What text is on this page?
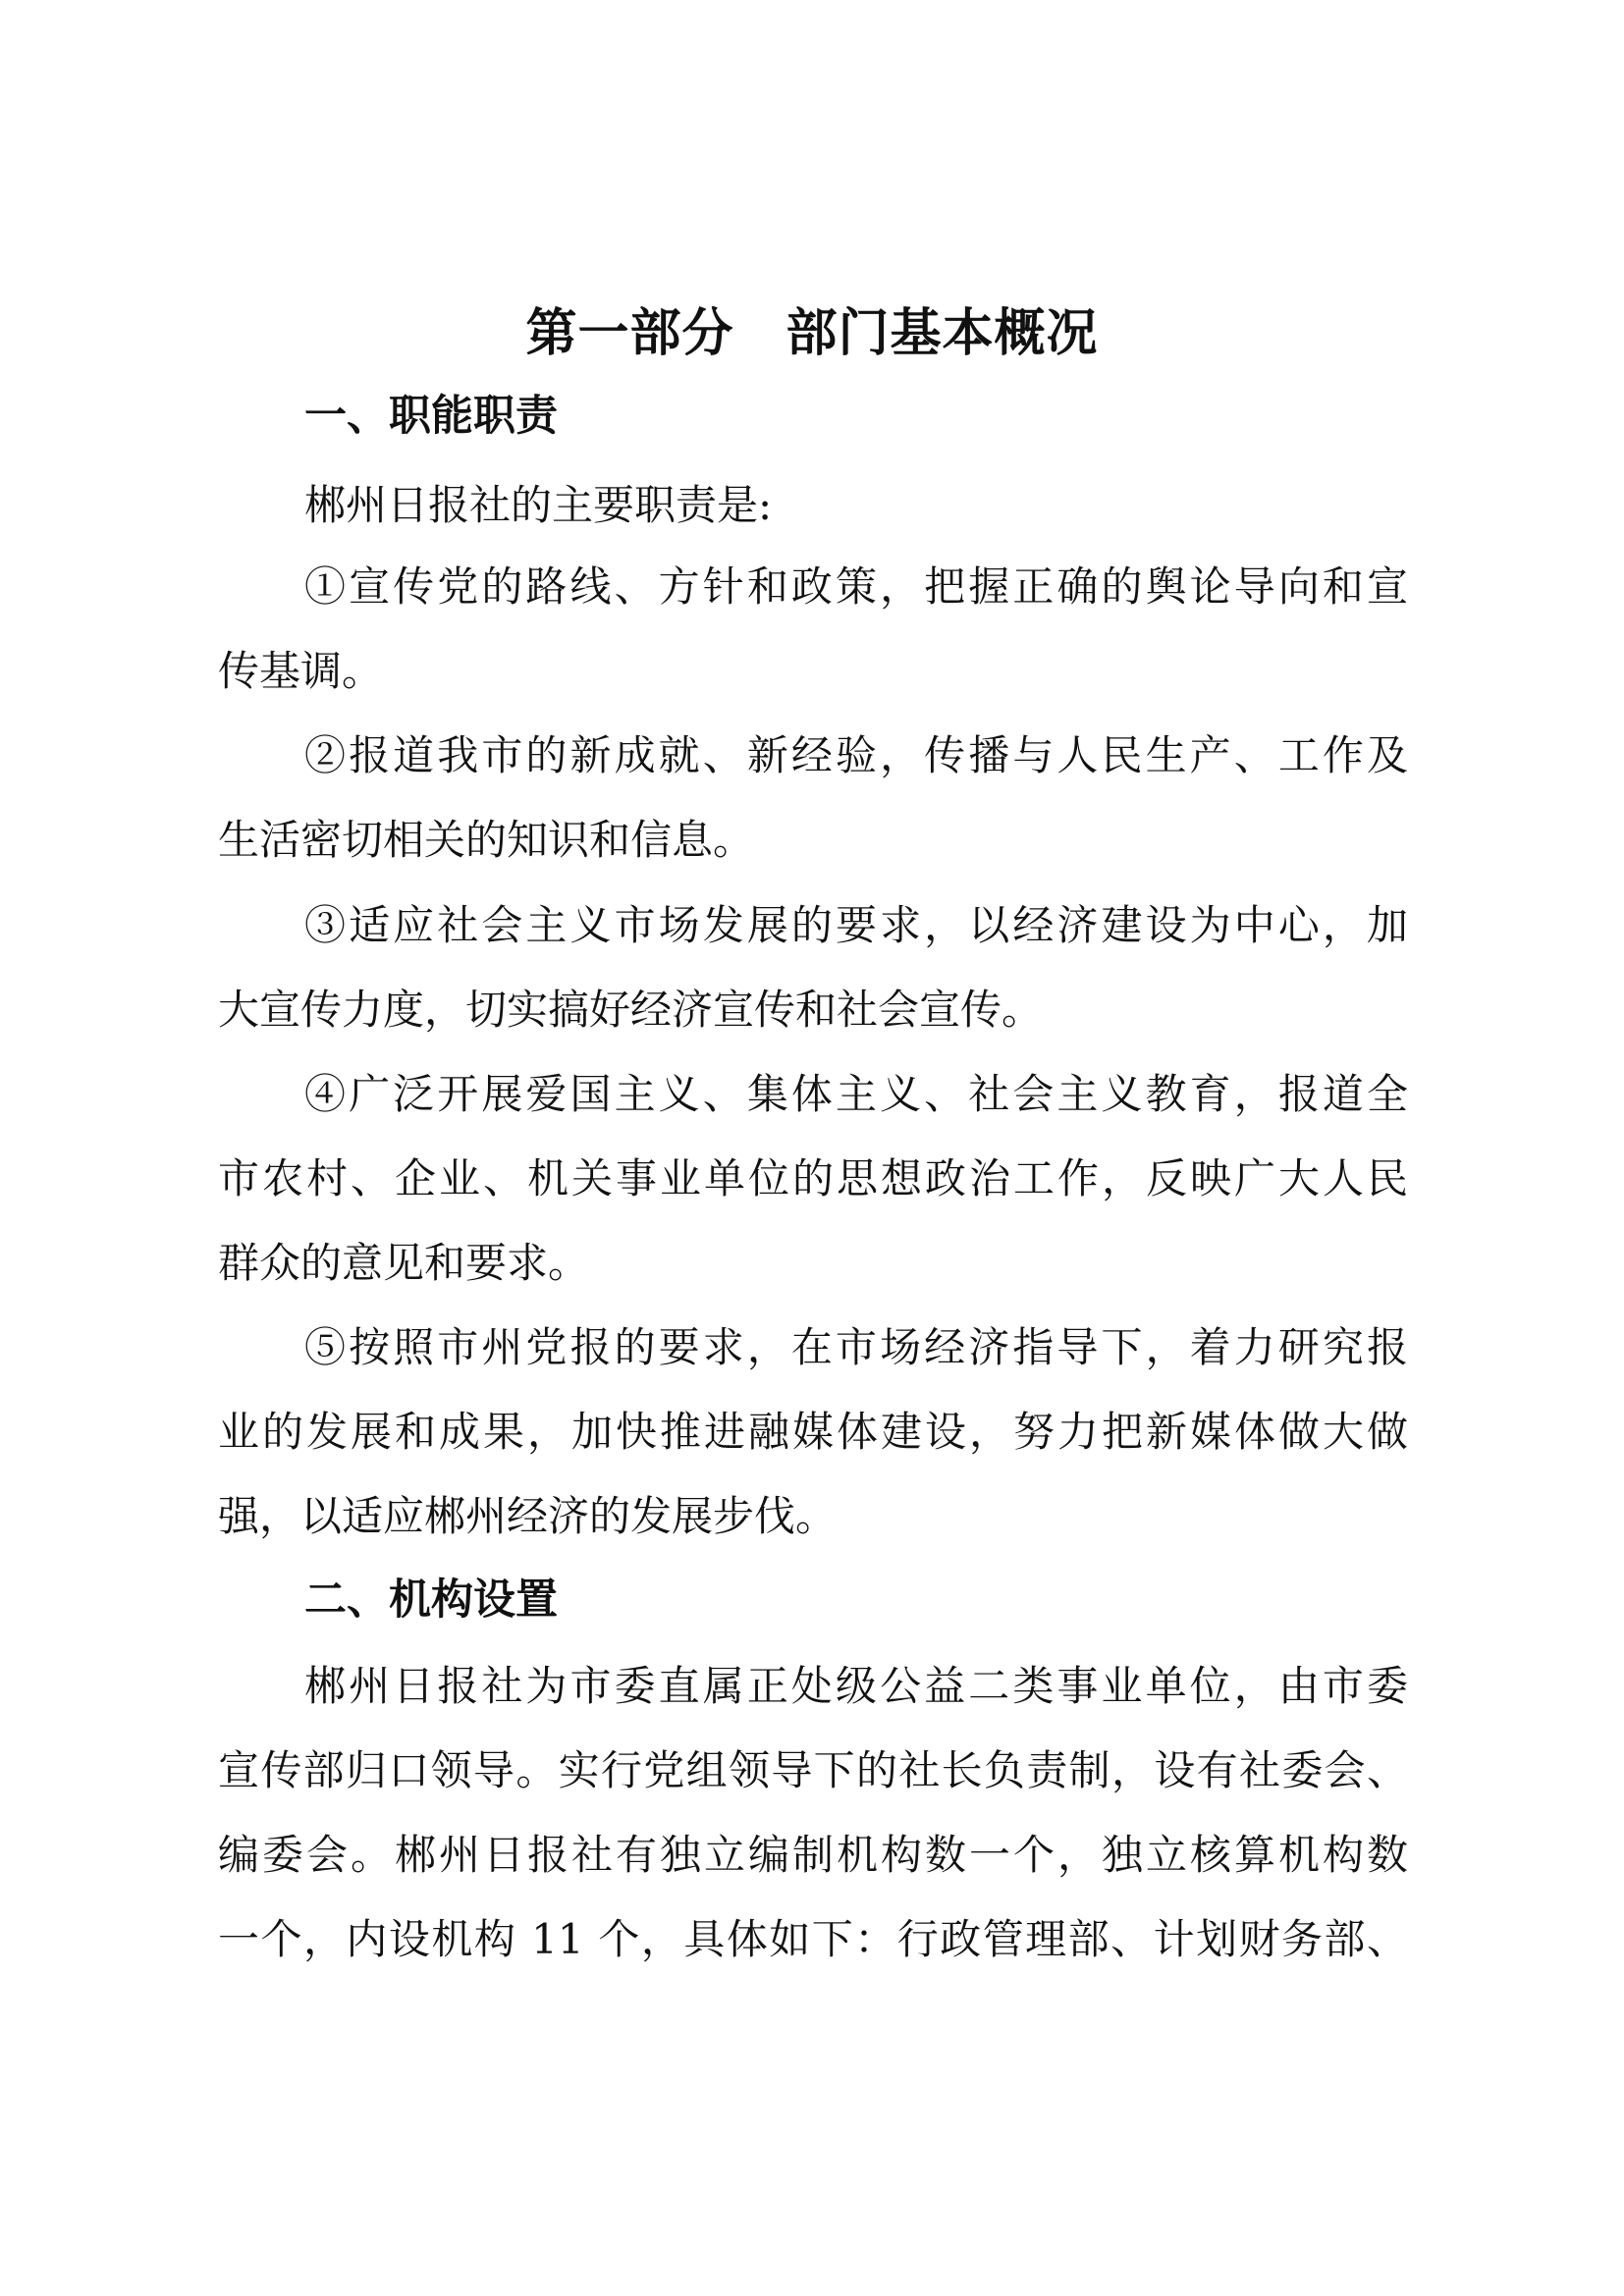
第一部分　部门基本概况
一、职能职责
郴州日报社的主要职责是:
①宣传党的路线、方针和政策，把握正确的舆论导向和宣
传基调。
②报道我市的新成就、新经验，传播与人民生产、工作及
生活密切相关的知识和信息。
③适应社会主义市场发展的要求，以经济建设为中心，加
大宣传力度，切实搞好经济宣传和社会宣传。
④广泛开展爱国主义、集体主义、社会主义教育，报道全
市农村、企业、机关事业单位的思想政治工作，反映广大人民
群众的意见和要求。
⑤按照市州党报的要求，在市场经济指导下，着力研究报
业的发展和成果，加快推进融媒体建设，努力把新媒体做大做
强，以适应郴州经济的发展步伐。
二、机构设置
郴州日报社为市委直属正处级公益二类事业单位，由市委
宣传部归口领导。实行党组领导下的社长负责制，设有社委会、
编委会。郴州日报社有独立编制机构数一个，独立核算机构数
一个，内设机构 11 个，具体如下：行政管理部、计划财务部、
